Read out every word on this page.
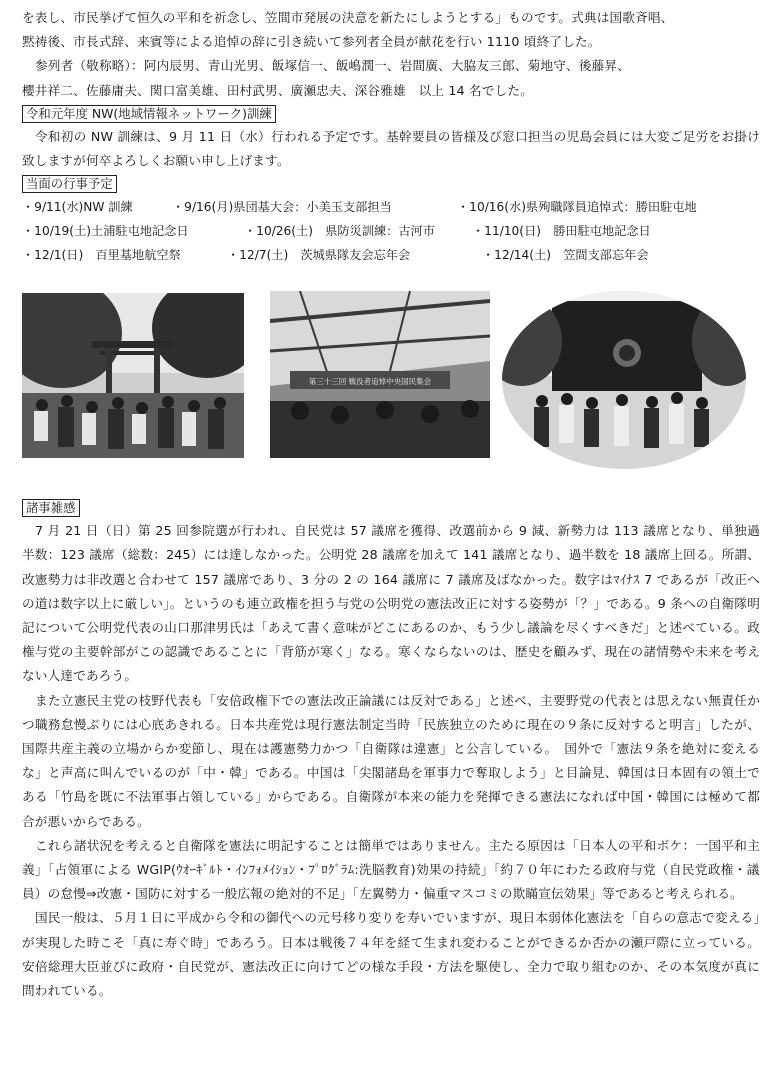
を表し、市民挙げて恒久の平和を祈念し、笠間市発展の決意を新たにしようとする」ものです。式典は国歌斉唱、

黙祷後、市長式辞、来賓等による追悼の辞に引き続いて参列者全員が献花を行い 1110 頃終了した。

参列者（敬称略）：阿内辰男、青山光男、飯塚信一、飯嶋潤一、岩間廣、大脇友三郎、菊地守、後藤昇、

櫻井祥二、佐藤庸夫、関口富美雄、田村武男、廣瀬忠夫、深谷雅雄　以上 14 名でした。

令和元年度 NW(地域情報ネットワーク)訓練

令和初の NW 訓練は、9 月 11 日（水）行われる予定です。基幹要員の皆様及び窓口担当の児島会員には大変ご足労をお掛け致しますが何卒よろしくお願い申し上げます。

当面の行事予定
・9/11(水)NW 訓練	・9/16(月)県団基大会：小美玉支部担当	・10/16(水)県殉職隊員追悼式：勝田駐屯地
・10/19(土)土浦駐屯地記念日	・10/26(土)　県防災訓練：古河市	・11/10(日)　勝田駐屯地記念日
・12/1(日)　百里基地航空祭	・12/7(土)　茨城県隊友会忘年会	・12/14(土)　笠間支部忘年会
第三十三回 戦没者追悼中央国民集会
諸事雑感

7 月 21 日（日）第 25 回参院選が行われ、自民党は 57 議席を獲得、改選前から 9 減、新勢力は 113 議席となり、単独過半数：123 議席（総数：245）には達しなかった。公明党 28 議席を加えて 141 議席となり、過半数を 18 議席上回る。所謂、改憲勢力は非改選と合わせて 157 議席であり、3 分の 2 の 164 議席に 7 議席及ばなかった。数字はﾏｲﾅｽ 7 であるが「改正への道は数字以上に厳しい」。というのも連立政権を担う与党の公明党の憲法改正に対する姿勢が「？」である。9 条への自衛隊明記について公明党代表の山口那津男氏は「あえて書く意味がどこにあるのか、もう少し議論を尽くすべきだ」と述べている。政権与党の主要幹部がこの認識であることに「背筋が寒く」なる。寒くならないのは、歴史を顧みず、現在の諸情勢や未来を考えない人達であろう。

また立憲民主党の枝野代表も「安倍政権下での憲法改正論議には反対である」と述べ、主要野党の代表とは思えない無責任かつ職務怠慢ぶりには心底あきれる。日本共産党は現行憲法制定当時「民族独立のために現在の９条に反対すると明言」したが、国際共産主義の立場からか変節し、現在は護憲勢力かつ「自衛隊は違憲」と公言している。　国外で「憲法９条を絶対に変えるな」と声高に叫んでいるのが「中・韓」である。中国は「尖閣諸島を軍事力で奪取しよう」と目論見、韓国は日本固有の領土である「竹島を既に不法軍事占領している」からである。自衛隊が本来の能力を発揮できる憲法になれば中国・韓国には極めて都合が悪いからである。

これら諸状況を考えると自衛隊を憲法に明記することは簡単ではありません。主たる原因は「日本人の平和ボケ：一国平和主義」「占領軍による WGIP(ｳｵｰｷﾞﾙﾄ・ｲﾝﾌｫﾒｲｼｮﾝ・ﾌﾟﾛｸﾞﾗﾑ:洗脳教育)効果の持続」「約７０年にわたる政府与党（自民党政権・議員）の怠慢⇒改憲・国防に対する一般広報の絶対的不足」「左翼勢力・偏重マスコミの欺瞞宣伝効果」等であると考えられる。

国民一般は、５月１日に平成から令和の御代への元号移り変りを寿いでいますが、現日本弱体化憲法を「自らの意志で変える」が実現した時こそ「真に寿ぐ時」であろう。日本は戦後７４年を経て生まれ変わることができるか否かの瀬戸際に立っている。安倍総理大臣並びに政府・自民党が、憲法改正に向けてどの様な手段・方法を駆使し、全力で取り組むのか、その本気度が真に問われている。
